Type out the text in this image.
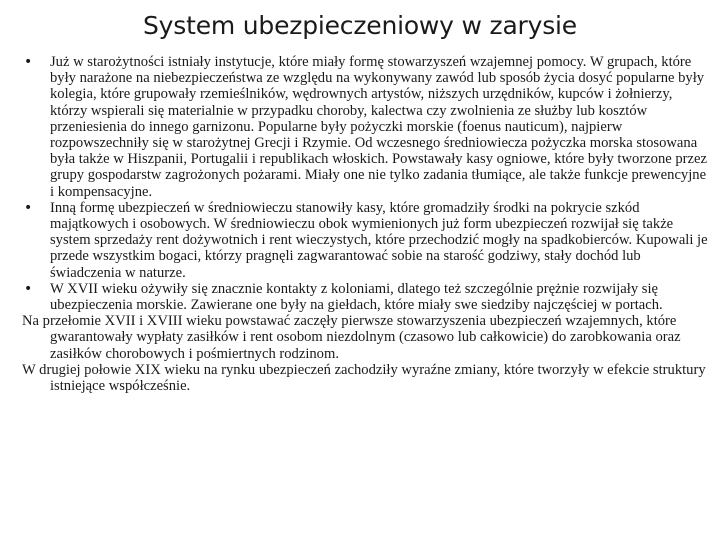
System ubezpieczeniowy w zarysie

•	Już w starożytności istniały instytucje, które miały formę stowarzyszeń wzajemnej pomocy. W grupach, które były narażone na niebezpieczeństwa ze względu na wykonywany zawód lub sposób życia dosyć popularne były kolegia, które grupowały rzemieślników, wędrownych artystów, niższych urzędników, kupców i żołnierzy, którzy wspierali się materialnie w przypadku choroby, kalectwa czy zwolnienia ze służby lub kosztów przeniesienia do innego garnizonu. Popularne były pożyczki morskie (foenus nauticum), najpierw rozpowszechniły się w starożytnej Grecji i Rzymie. Od wczesnego średniowiecza pożyczka morska stosowana była także w Hiszpanii, Portugalii i republikach włoskich. Powstawały kasy ogniowe, które były tworzone przez grupy gospodarstw zagrożonych pożarami. Miały one nie tylko zadania tłumiące, ale także funkcje prewencyjne i kompensacyjne.

•	Inną formę ubezpieczeń w średniowieczu stanowiły kasy, które gromadziły środki na pokrycie szkód majątkowych i osobowych. W średniowieczu obok wymienionych już form ubezpieczeń rozwijał się także system sprzedaży rent dożywotnich i rent wieczystych, które przechodzić mogły na spadkobierców. Kupowali je przede wszystkim bogaci, którzy pragnęli zagwarantować sobie na starość godziwy, stały dochód lub świadczenia w naturze.

•	W XVII wieku ożywiły się znacznie kontakty z koloniami, dlatego też szczególnie prężnie rozwijały się ubezpieczenia morskie. Zawierane one były na giełdach, które miały swe siedziby najczęściej w portach.

Na przełomie XVII i XVIII wieku powstawać zaczęły pierwsze stowarzyszenia ubezpieczeń wzajemnych, które gwarantowały wypłaty zasiłków i rent osobom niezdolnym (czasowo lub całkowicie) do zarobkowania oraz zasiłków chorobowych i pośmiertnych rodzinom.

W drugiej połowie XIX wieku na rynku ubezpieczeń zachodziły wyraźne zmiany, które tworzyły w efekcie struktury istniejące współcześnie.
